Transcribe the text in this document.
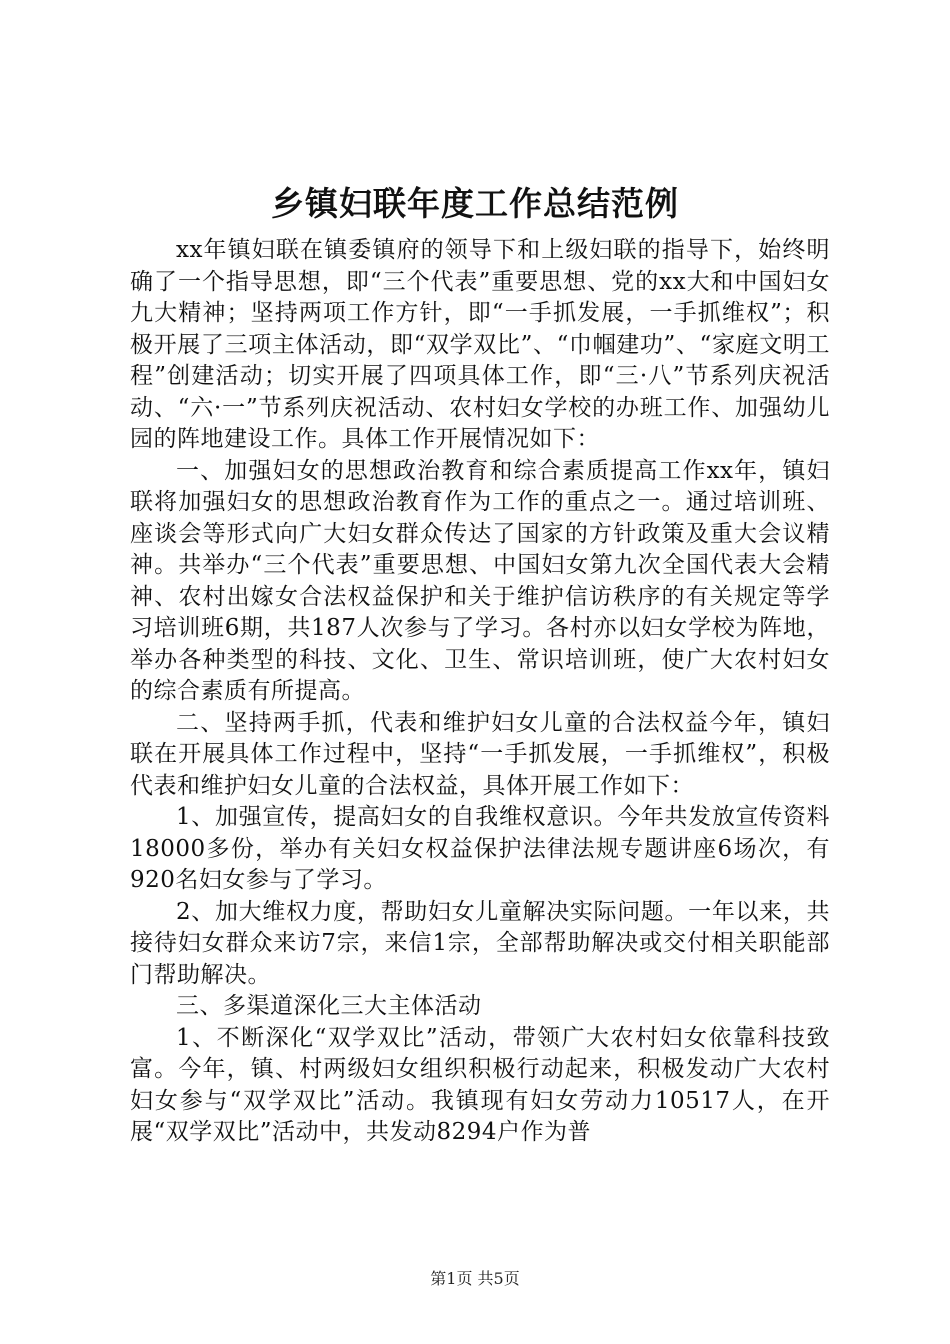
乡镇妇联年度工作总结范例

xx年镇妇联在镇委镇府的领导下和上级妇联的指导下，始终明确了一个指导思想，即“三个代表”重要思想、党的xx大和中国妇女九大精神；坚持两项工作方针，即“一手抓发展，一手抓维权”；积极开展了三项主体活动，即“双学双比”、“巾帼建功”、“家庭文明工程”创建活动；切实开展了四项具体工作，即“三·八”节系列庆祝活动、“六·一”节系列庆祝活动、农村妇女学校的办班工作、加强幼儿园的阵地建设工作。具体工作开展情况如下：

一、加强妇女的思想政治教育和综合素质提高工作xx年，镇妇联将加强妇女的思想政治教育作为工作的重点之一。通过培训班、座谈会等形式向广大妇女群众传达了国家的方针政策及重大会议精神。共举办“三个代表”重要思想、中国妇女第九次全国代表大会精神、农村出嫁女合法权益保护和关于维护信访秩序的有关规定等学习培训班6期，共187人次参与了学习。各村亦以妇女学校为阵地，举办各种类型的科技、文化、卫生、常识培训班，使广大农村妇女的综合素质有所提高。

二、坚持两手抓，代表和维护妇女儿童的合法权益今年，镇妇联在开展具体工作过程中，坚持“一手抓发展，一手抓维权”，积极代表和维护妇女儿童的合法权益，具体开展工作如下：

1、加强宣传，提高妇女的自我维权意识。今年共发放宣传资料18000多份，举办有关妇女权益保护法律法规专题讲座6场次，有920名妇女参与了学习。

2、加大维权力度，帮助妇女儿童解决实际问题。一年以来，共接待妇女群众来访7宗，来信1宗，全部帮助解决或交付相关职能部门帮助解决。

三、多渠道深化三大主体活动

1、不断深化“双学双比”活动，带领广大农村妇女依靠科技致富。今年，镇、村两级妇女组织积极行动起来，积极发动广大农村妇女参与“双学双比”活动。我镇现有妇女劳动力10517人，在开展“双学双比”活动中，共发动8294户作为普

第1页 共5页
